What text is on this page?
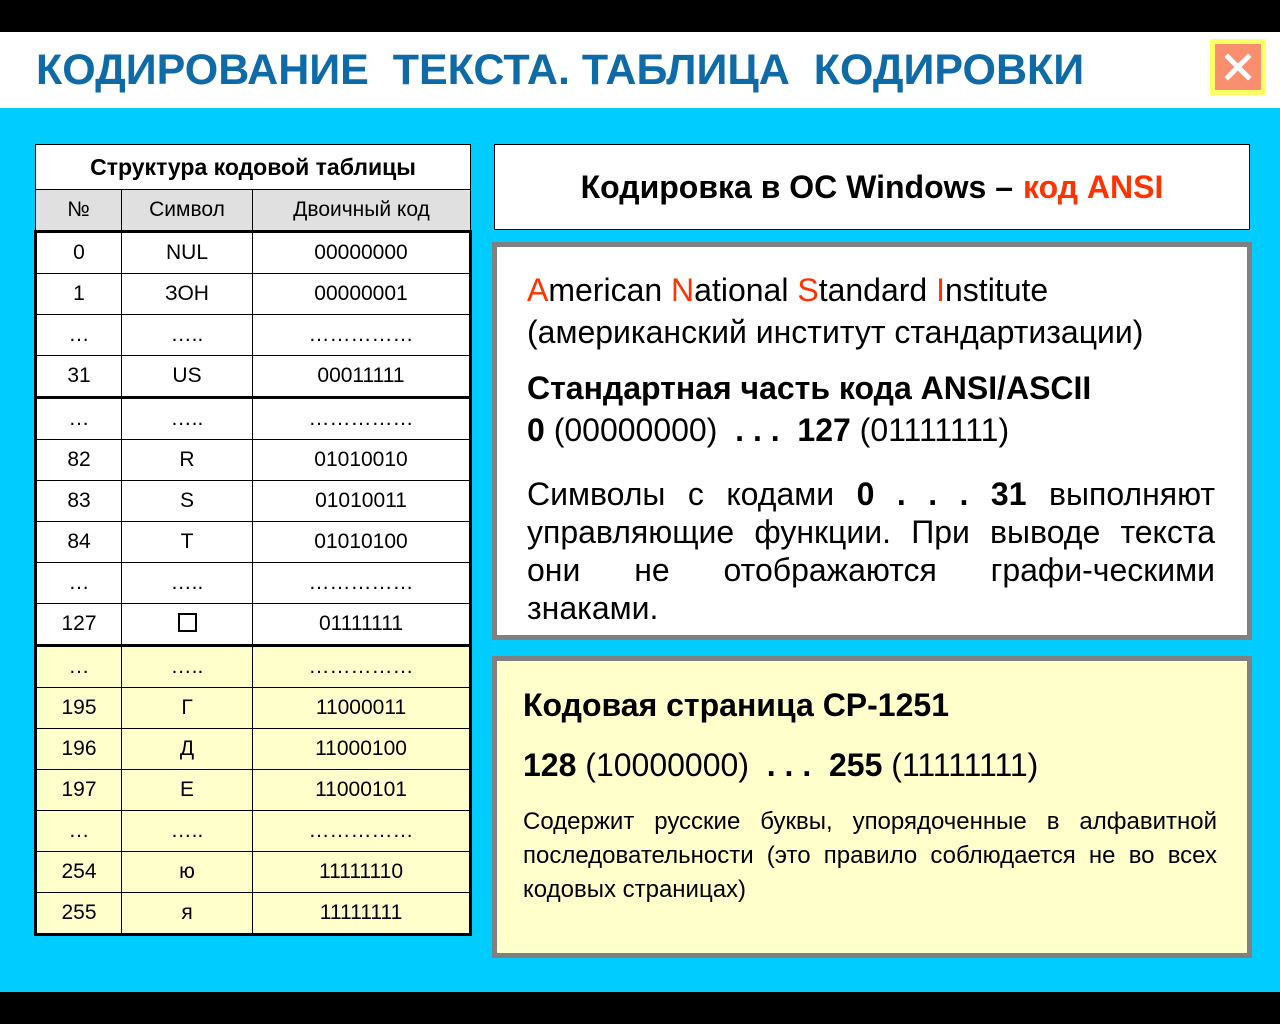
КОДИРОВАНИЕ  ТЕКСТА. ТАБЛИЦА  КОДИРОВКИ
Структура кодовой таблицы		
№	Символ	Двоичный код
0	NUL	00000000
1	ЗОН	00000001
…	…..	……………
31	US	00011111
…	…..	……………
82	R	01010010
83	S	01010011
84	T	01010100
…	…..	……………
127		01111111
…	…..	……………
195	Г	11000011
196	Д	11000100
197	Е	11000101
…	…..	……………
254	ю	11111110
255	я	11111111
Кодировка в ОС Windows – код ANSI
American National Standard Institute
(американский институт стандартизации)
Стандартная часть кода ANSI/ASCII
0 (00000000) . . . 127 (01111111)
Символы с кодами 0 . . . 31 выполняют управляющие функции. При выводе текста они не отображаются графи-ческими знаками.
Кодовая страница CP-1251
128 (10000000) . . . 255 (11111111)
Содержит русские буквы, упорядоченные в алфавитной последовательности (это правило соблюдается не во всех кодовых страницах)
